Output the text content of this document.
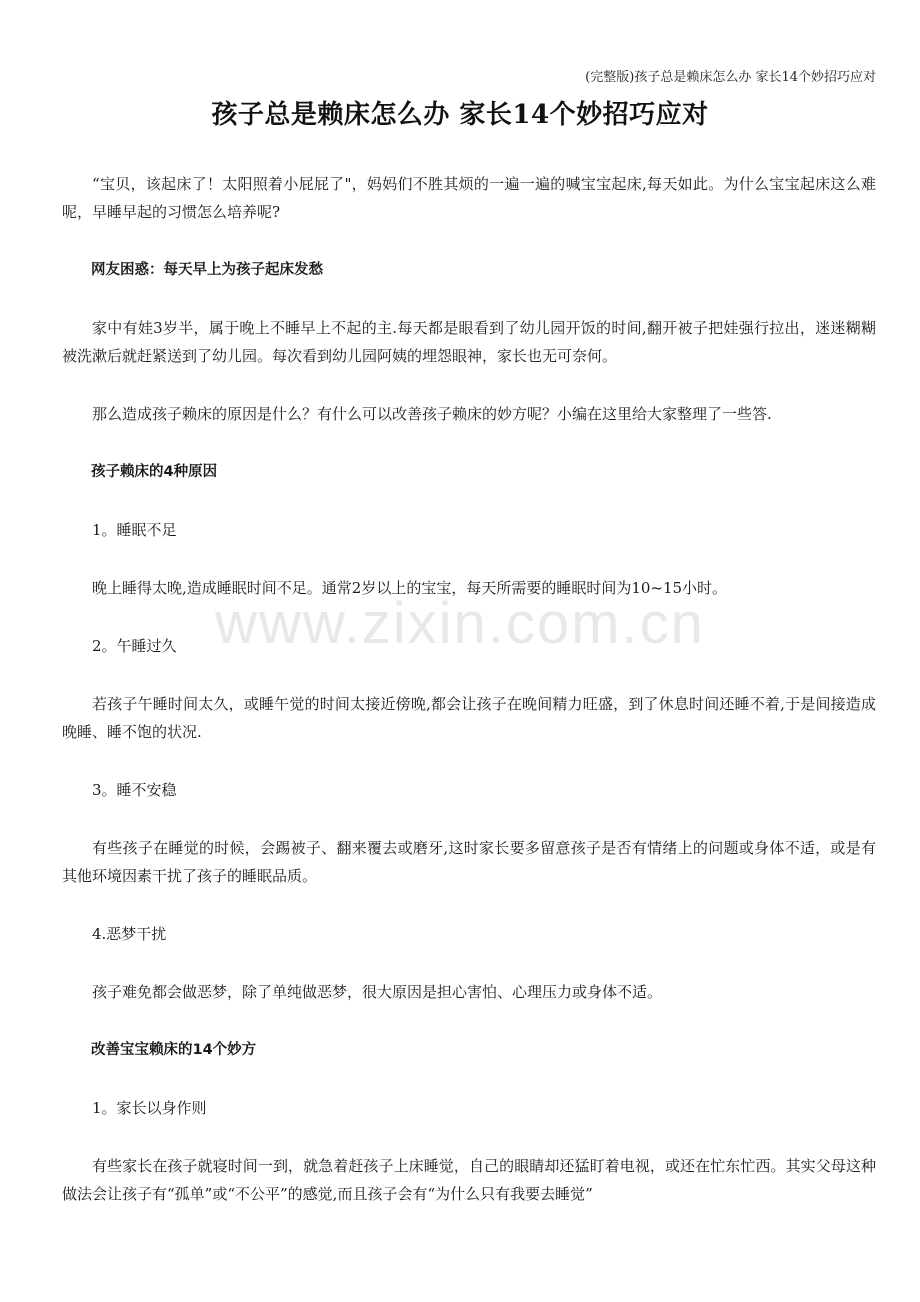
(完整版)孩子总是赖床怎么办 家长14个妙招巧应对
孩子总是赖床怎么办 家长14个妙招巧应对
www.zixin.com.cn

“宝贝，该起床了！太阳照着小屁屁了"，妈妈们不胜其烦的一遍一遍的喊宝宝起床,每天如此。为什么宝宝起床这么难呢，早睡早起的习惯怎么培养呢?

网友困惑：每天早上为孩子起床发愁

家中有娃3岁半，属于晚上不睡早上不起的主.每天都是眼看到了幼儿园开饭的时间,翻开被子把娃强行拉出，迷迷糊糊被洗漱后就赶紧送到了幼儿园。每次看到幼儿园阿姨的埋怨眼神，家长也无可奈何。

那么造成孩子赖床的原因是什么？有什么可以改善孩子赖床的妙方呢？小编在这里给大家整理了一些答.

孩子赖床的4种原因

1。睡眠不足

晚上睡得太晚,造成睡眠时间不足。通常2岁以上的宝宝，每天所需要的睡眠时间为10~15小时。

2。午睡过久

若孩子午睡时间太久，或睡午觉的时间太接近傍晚,都会让孩子在晚间精力旺盛，到了休息时间还睡不着,于是间接造成晚睡、睡不饱的状况.

3。睡不安稳

有些孩子在睡觉的时候，会踢被子、翻来覆去或磨牙,这时家长要多留意孩子是否有情绪上的问题或身体不适，或是有其他环境因素干扰了孩子的睡眠品质。

4.恶梦干扰

孩子难免都会做恶梦，除了单纯做恶梦，很大原因是担心害怕、心理压力或身体不适。

改善宝宝赖床的14个妙方

1。家长以身作则

有些家长在孩子就寝时间一到，就急着赶孩子上床睡觉，自己的眼睛却还猛盯着电视，或还在忙东忙西。其实父母这种做法会让孩子有“孤单”或“不公平”的感觉,而且孩子会有“为什么只有我要去睡觉”
